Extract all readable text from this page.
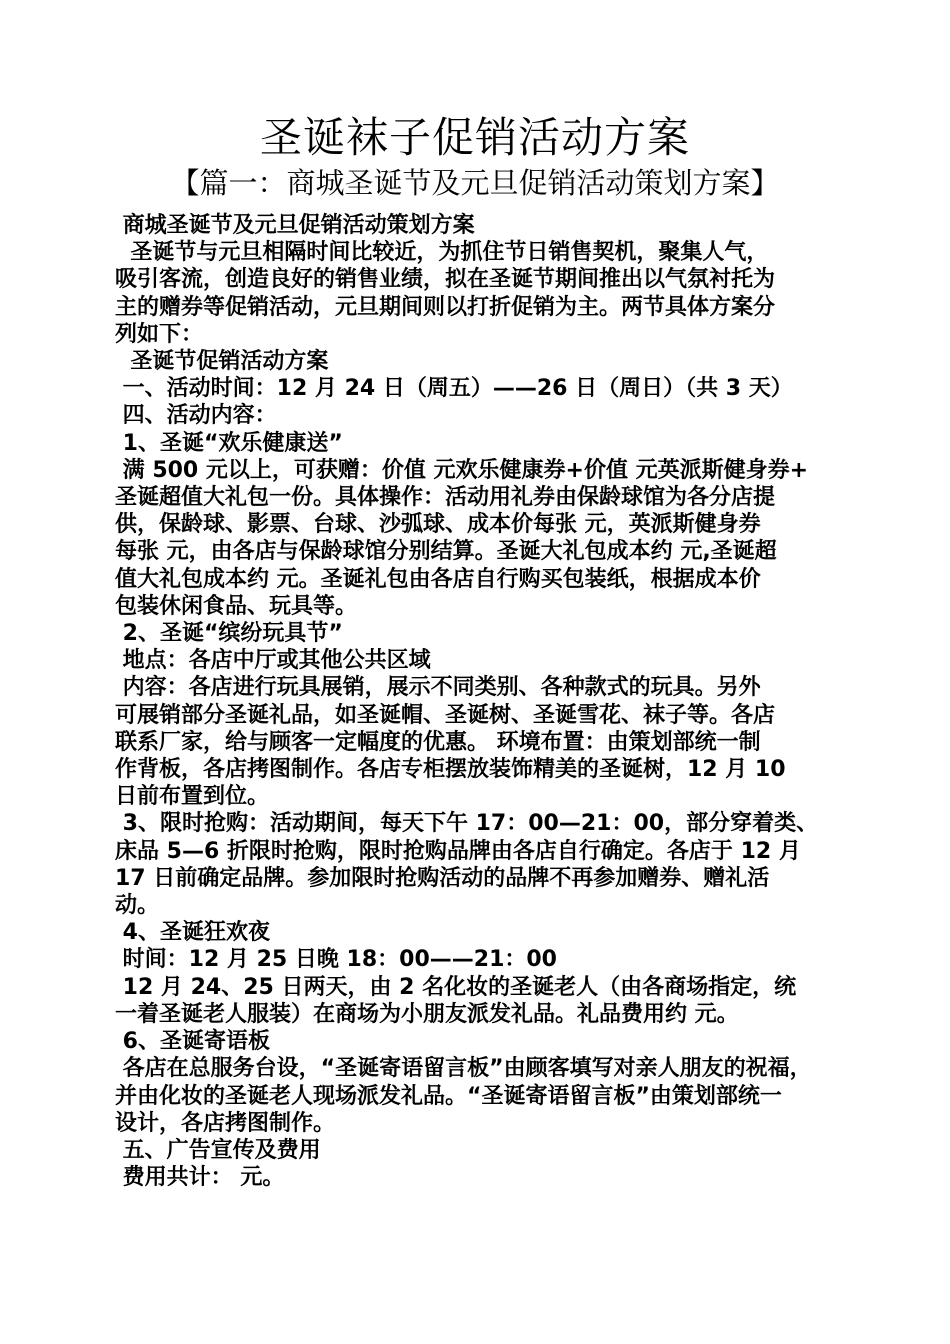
圣诞袜子促销活动方案
【篇一：商城圣诞节及元旦促销活动策划方案】
商城圣诞节及元旦促销活动策划方案
圣诞节与元旦相隔时间比较近，为抓住节日销售契机，聚集人气，
吸引客流，创造良好的销售业绩，拟在圣诞节期间推出以气氛衬托为
主的赠券等促销活动，元旦期间则以打折促销为主。两节具体方案分
列如下：
圣诞节促销活动方案
一、活动时间：12 月 24 日（周五）——26 日（周日）（共 3 天）
四、活动内容：
1、圣诞“欢乐健康送”
满 500 元以上，可获赠：价值 元欢乐健康券+价值 元英派斯健身券+
圣诞超值大礼包一份。具体操作：活动用礼券由保龄球馆为各分店提
供，保龄球、影票、台球、沙弧球、成本价每张 元，英派斯健身券
每张 元，由各店与保龄球馆分别结算。圣诞大礼包成本约 元,圣诞超
值大礼包成本约 元。圣诞礼包由各店自行购买包装纸，根据成本价
包装休闲食品、玩具等。
2、圣诞“缤纷玩具节”
地点：各店中厅或其他公共区域
内容：各店进行玩具展销，展示不同类别、各种款式的玩具。另外
可展销部分圣诞礼品，如圣诞帽、圣诞树、圣诞雪花、袜子等。各店
联系厂家，给与顾客一定幅度的优惠。 环境布置：由策划部统一制
作背板，各店拷图制作。各店专柜摆放装饰精美的圣诞树，12 月 10
日前布置到位。
3、限时抢购：活动期间，每天下午 17：00—21：00，部分穿着类、
床品 5—6 折限时抢购，限时抢购品牌由各店自行确定。各店于 12 月
17 日前确定品牌。参加限时抢购活动的品牌不再参加赠券、赠礼活
动。
4、圣诞狂欢夜
时间：12 月 25 日晚 18：00——21：00
12 月 24、25 日两天，由 2 名化妆的圣诞老人（由各商场指定，统
一着圣诞老人服装）在商场为小朋友派发礼品。礼品费用约 元。
6、圣诞寄语板
各店在总服务台设，“圣诞寄语留言板”由顾客填写对亲人朋友的祝福，
并由化妆的圣诞老人现场派发礼品。“圣诞寄语留言板”由策划部统一
设计，各店拷图制作。
五、广告宣传及费用
费用共计： 元。
